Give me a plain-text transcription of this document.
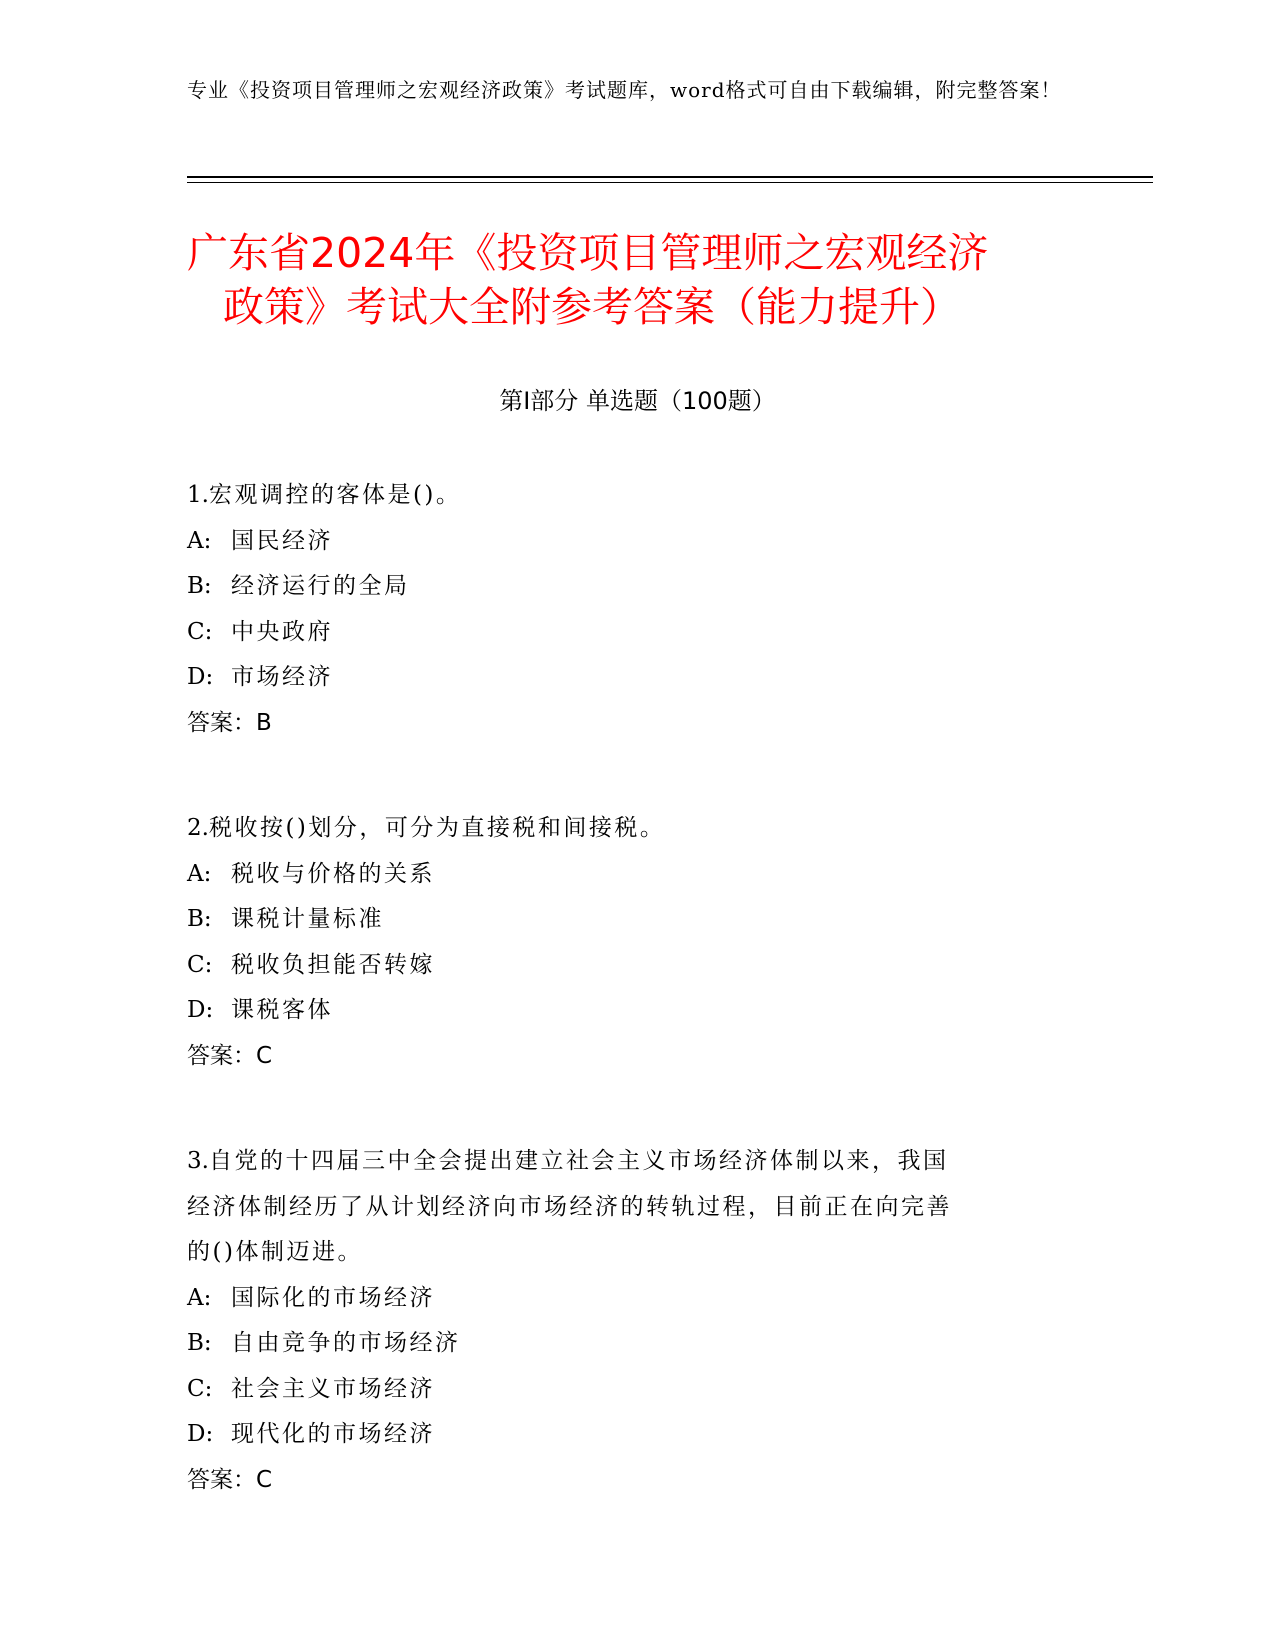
专业《投资项目管理师之宏观经济政策》考试题库，word格式可自由下载编辑，附完整答案！
广东省2024年《投资项目管理师之宏观经济
政策》考试大全附参考答案（能力提升）
第I部分 单选题（100题）

1.宏观调控的客体是()。

A: 国民经济

B: 经济运行的全局

C: 中央政府

D: 市场经济

答案：B

2.税收按()划分，可分为直接税和间接税。

A: 税收与价格的关系

B: 课税计量标准

C: 税收负担能否转嫁

D: 课税客体

答案：C

3.自党的十四届三中全会提出建立社会主义市场经济体制以来，我国

经济体制经历了从计划经济向市场经济的转轨过程，目前正在向完善

的()体制迈进。

A: 国际化的市场经济

B: 自由竞争的市场经济

C: 社会主义市场经济

D: 现代化的市场经济

答案：C
